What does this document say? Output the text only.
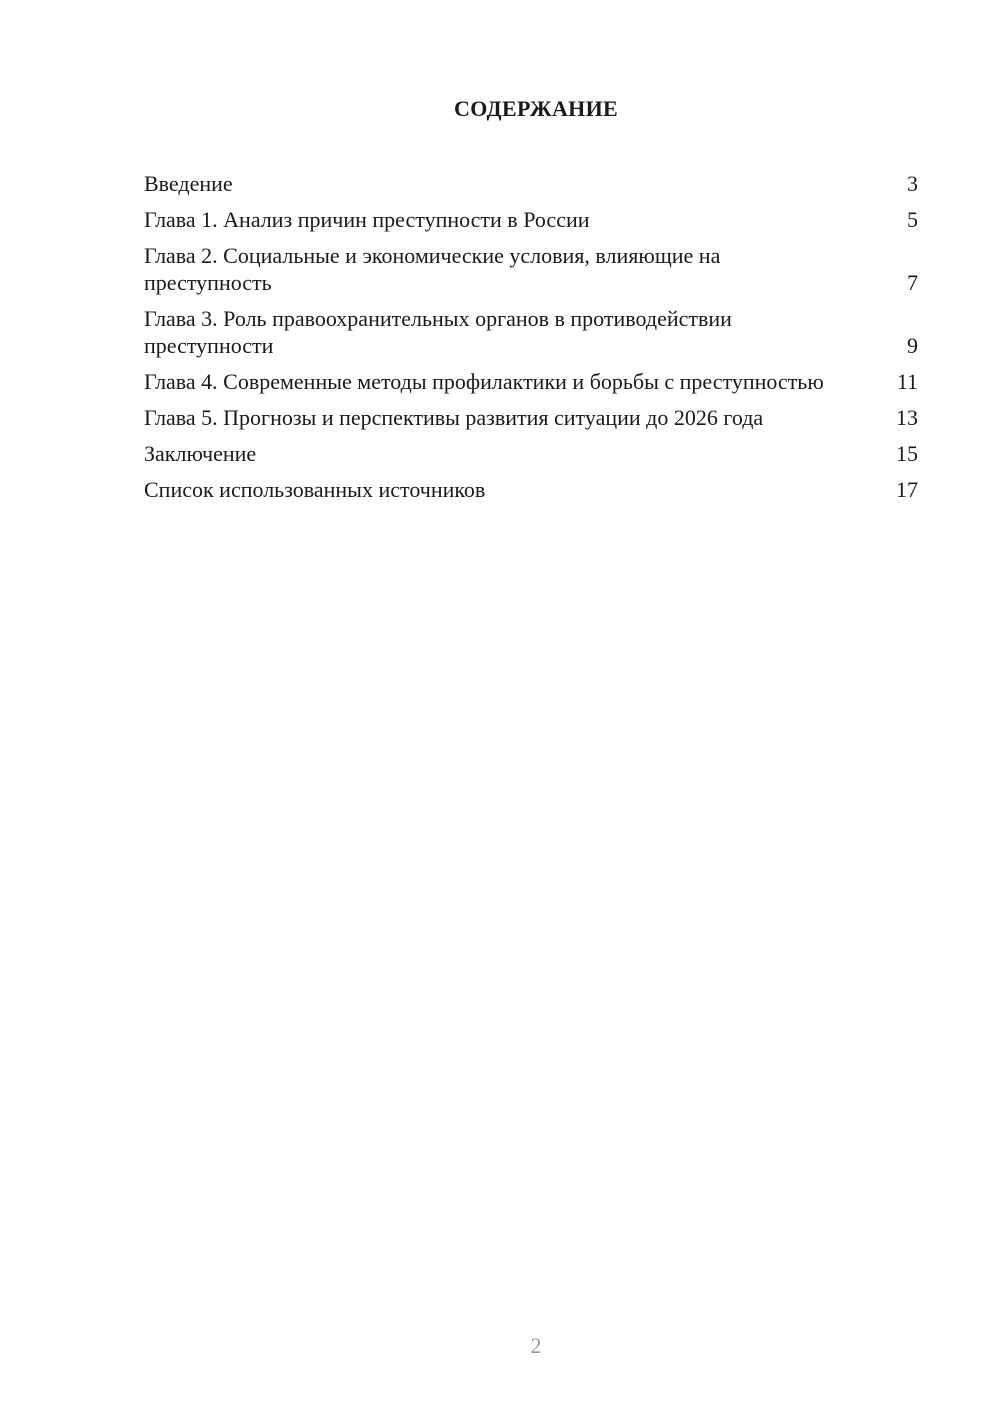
СОДЕРЖАНИЕ
Введение	3
Глава 1. Анализ причин преступности в России	5
Глава 2. Социальные и экономические условия, влияющие на преступность	7
Глава 3. Роль правоохранительных органов в противодействии преступности	9
Глава 4. Современные методы профилактики и борьбы с преступностью	11
Глава 5. Прогнозы и перспективы развития ситуации до 2026 года	13
Заключение	15
Список использованных источников	17
2
